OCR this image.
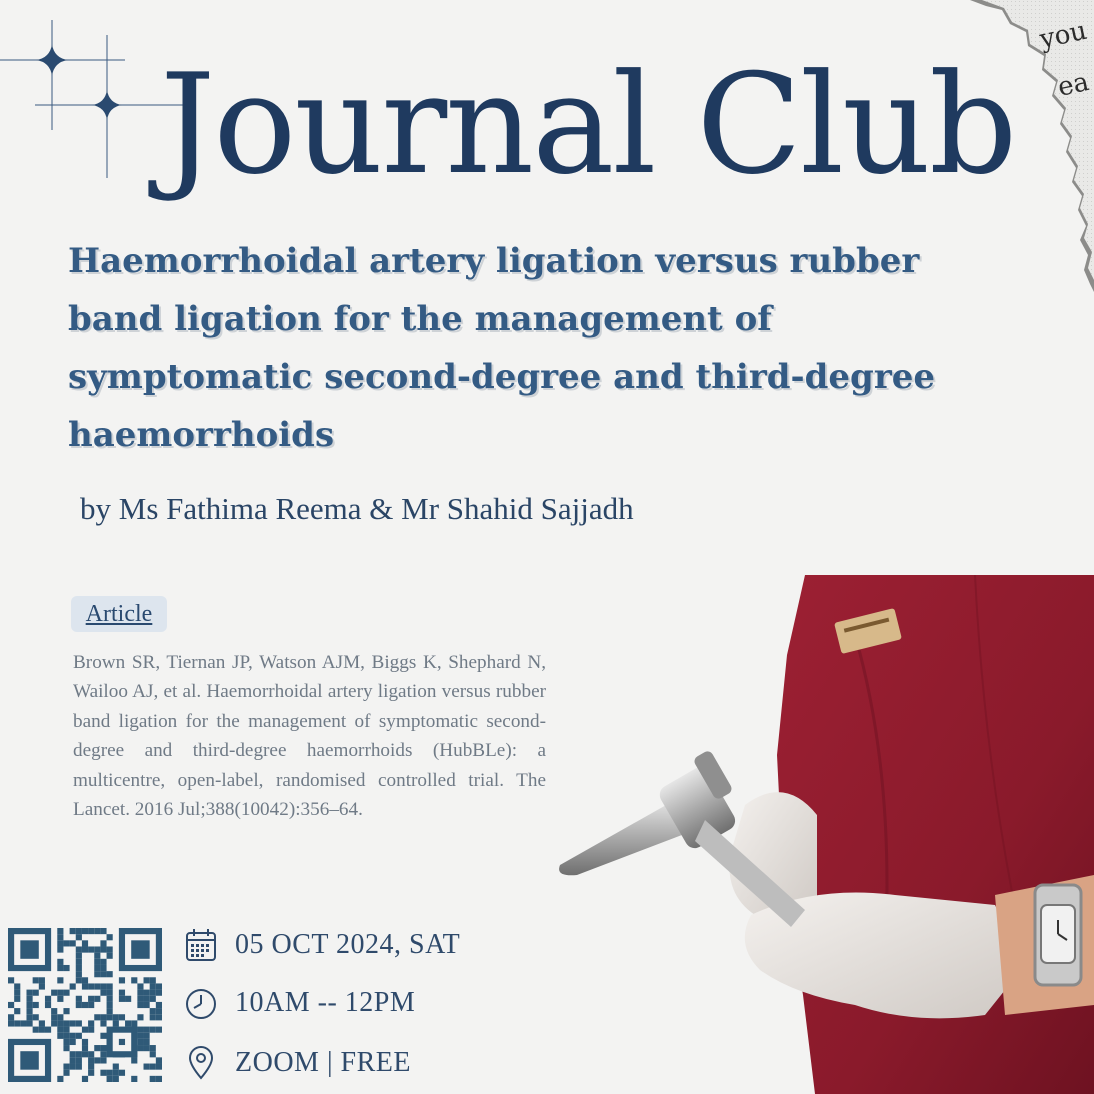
you
ea
Journal Club
Haemorrhoidal artery ligation versus rubber band ligation for the management of symptomatic second-degree and third-degree haemorrhoids
by Ms Fathima Reema & Mr Shahid Sajjadh
Article

Brown SR, Tiernan JP, Watson AJM, Biggs K, Shephard N, Wailoo AJ, et al. Haemorrhoidal artery ligation versus rubber band ligation for the management of symptomatic second-degree and third-degree haemorrhoids (HubBLe): a multicentre, open-label, randomised controlled trial. The Lancet. 2016 Jul;388(10042):356–64.

05 OCT 2024, SAT
10AM -- 12PM
ZOOM | FREE
